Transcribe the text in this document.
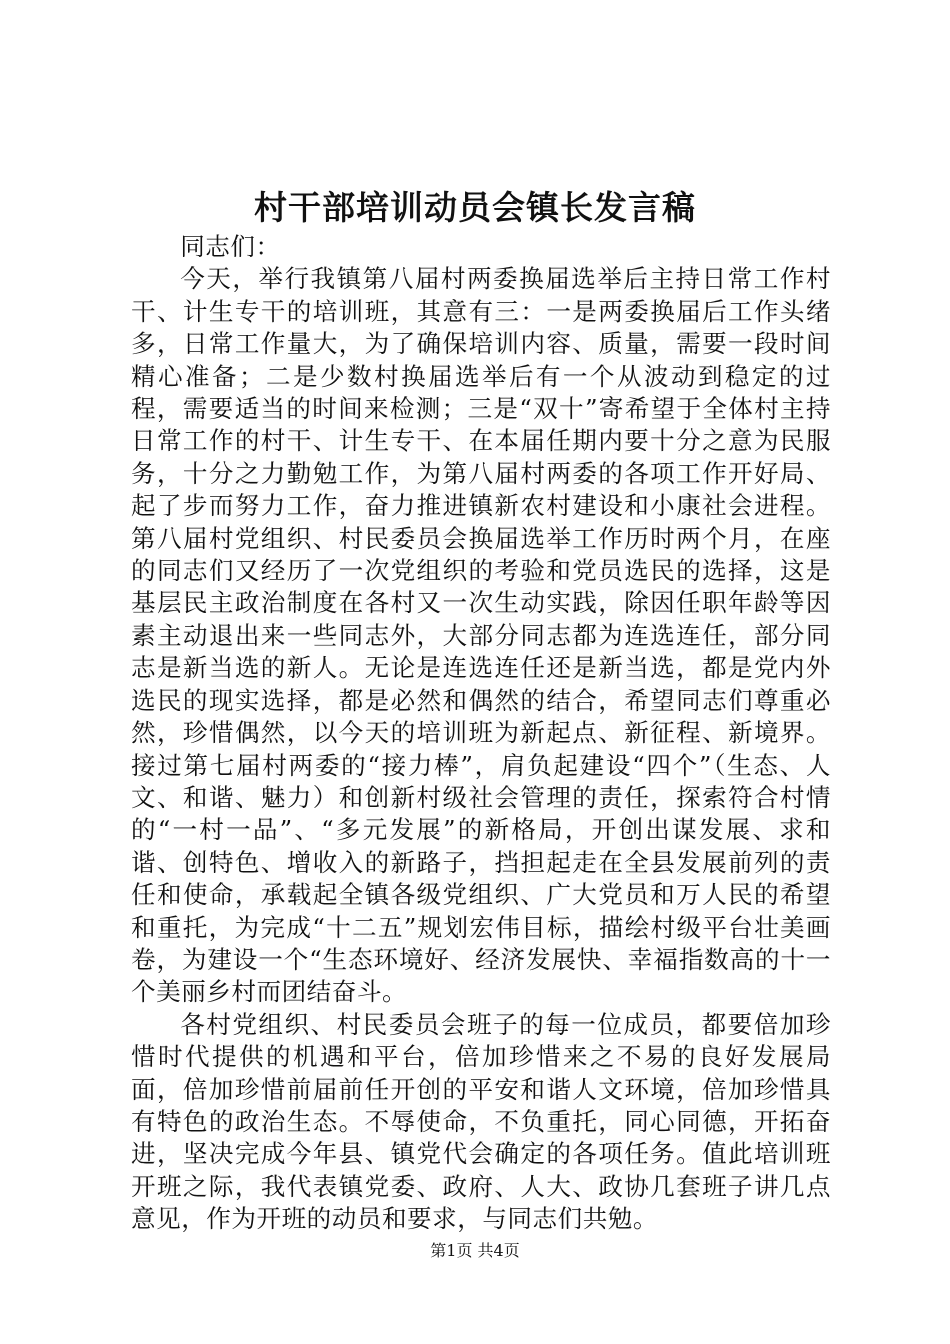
村干部培训动员会镇长发言稿

同志们：

今天，举行我镇第八届村两委换届选举后主持日常工作村干、计生专干的培训班，其意有三：一是两委换届后工作头绪多，日常工作量大，为了确保培训内容、质量，需要一段时间精心准备；二是少数村换届选举后有一个从波动到稳定的过程，需要适当的时间来检测；三是“双十”寄希望于全体村主持日常工作的村干、计生专干、在本届任期内要十分之意为民服务，十分之力勤勉工作，为第八届村两委的各项工作开好局、起了步而努力工作，奋力推进镇新农村建设和小康社会进程。第八届村党组织、村民委员会换届选举工作历时两个月，在座的同志们又经历了一次党组织的考验和党员选民的选择，这是基层民主政治制度在各村又一次生动实践，除因任职年龄等因素主动退出来一些同志外，大部分同志都为连选连任，部分同志是新当选的新人。无论是连选连任还是新当选，都是党内外选民的现实选择，都是必然和偶然的结合，希望同志们尊重必然，珍惜偶然，以今天的培训班为新起点、新征程、新境界。接过第七届村两委的“接力棒”，肩负起建设“四个”（生态、人文、和谐、魅力）和创新村级社会管理的责任，探索符合村情的“一村一品”、“多元发展”的新格局，开创出谋发展、求和谐、创特色、增收入的新路子，挡担起走在全县发展前列的责任和使命，承载起全镇各级党组织、广大党员和万人民的希望和重托，为完成“十二五”规划宏伟目标，描绘村级平台壮美画卷，为建设一个“生态环境好、经济发展快、幸福指数高的十一个美丽乡村而团结奋斗。

各村党组织、村民委员会班子的每一位成员，都要倍加珍惜时代提供的机遇和平台，倍加珍惜来之不易的良好发展局面，倍加珍惜前届前任开创的平安和谐人文环境，倍加珍惜具有特色的政治生态。不辱使命，不负重托，同心同德，开拓奋进，坚决完成今年县、镇党代会确定的各项任务。值此培训班开班之际，我代表镇党委、政府、人大、政协几套班子讲几点意见，作为开班的动员和要求，与同志们共勉。

第1页 共4页
